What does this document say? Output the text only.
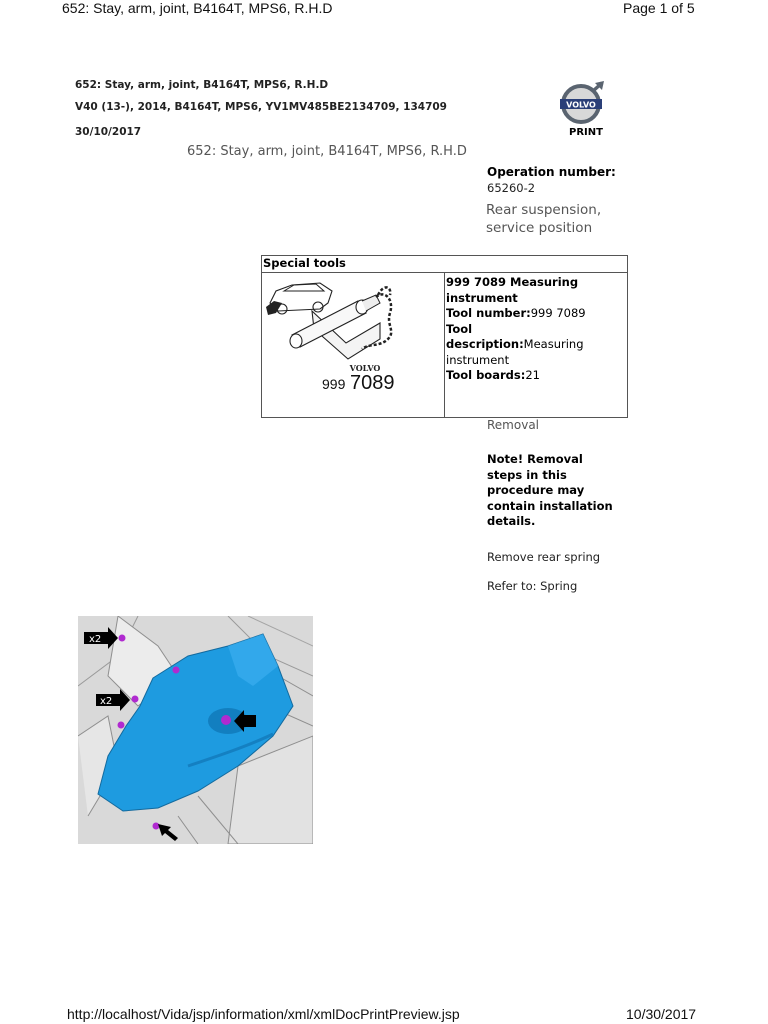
652: Stay, arm, joint, B4164T, MPS6, R.H.D	Page 1 of 5
652: Stay, arm, joint, B4164T, MPS6, R.H.D
V40 (13-), 2014, B4164T, MPS6, YV1MV485BE2134709, 134709
30/10/2017
VOLVO
PRINT
652: Stay, arm, joint, B4164T, MPS6, R.H.D
Operation number:
65260-2
Rear suspension,
service position
Special tools

VOLVO
999 7089

999 7089 Measuring
instrument
Tool number:999 7089
Tool
description:Measuring
instrument
Tool boards:21
Removal
Note! Removal
steps in this
procedure may
contain installation
details.
Remove rear spring
Refer to: Spring
x2
x2
http://localhost/Vida/jsp/information/xml/xmlDocPrintPreview.jsp	10/30/2017
